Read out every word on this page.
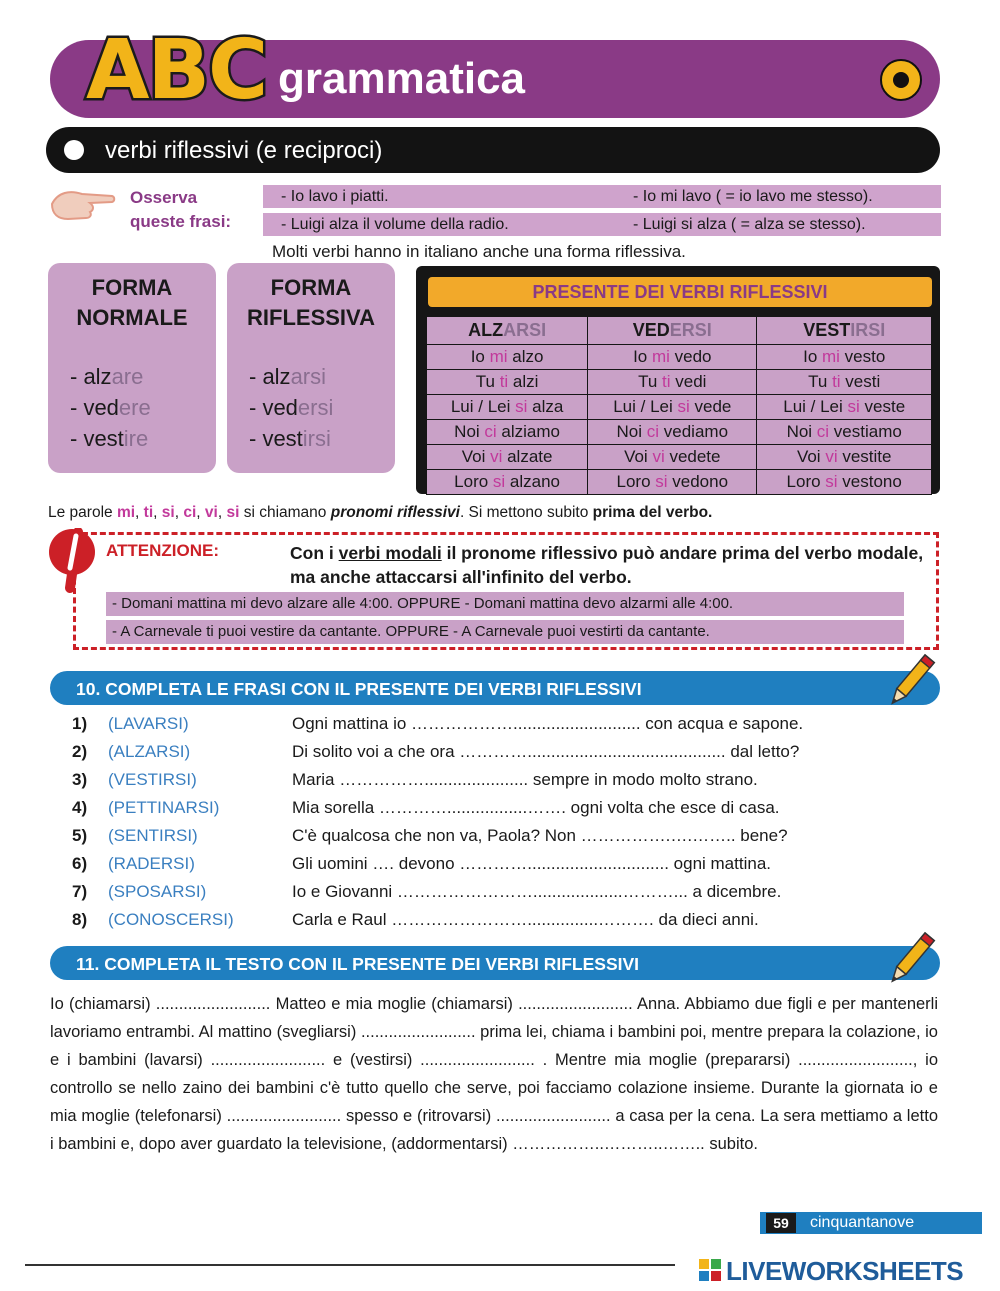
ABC grammatica
verbi riflessivi (e reciproci)
Osserva
queste frasi:
- Io lavo i piatti.	- Io mi lavo ( = io lavo me stesso).
- Luigi alza il volume della radio.	- Luigi si alza ( = alza se stesso).
Molti verbi hanno in italiano anche una forma riflessiva.
FORMA
NORMALE
- alzare
- vedere
- vestire
FORMA
RIFLESSIVA
- alzarsi
- vedersi
- vestirsi
PRESENTE DEI VERBI RIFLESSIVI
ALZARSI	VEDERSI	VESTIRSI
Io mi alzo	Io mi vedo	Io mi vesto
Tu ti alzi	Tu ti vedi	Tu ti vesti
Lui / Lei si alza	Lui / Lei si vede	Lui / Lei si veste
Noi ci alziamo	Noi ci vediamo	Noi ci vestiamo
Voi vi alzate	Voi vi vedete	Voi vi vestite
Loro si alzano	Loro si vedono	Loro si vestono
Le parole mi, ti, si, ci, vi, si si chiamano pronomi riflessivi. Si mettono subito prima del verbo.
ATTENZIONE:	Con i verbi modali il pronome riflessivo può andare prima del verbo modale, ma anche attaccarsi all'infinito del verbo.
- Domani mattina mi devo alzare alle 4:00. OPPURE - Domani mattina devo alzarmi alle 4:00.
- A Carnevale ti puoi vestire da cantante. OPPURE - A Carnevale puoi vestirti da cantante.
10. COMPLETA LE FRASI CON IL PRESENTE DEI VERBI RIFLESSIVI
1) (LAVARSI)	Ogni mattina io ………………........................... con acqua e sapone.
2) (ALZARSI)	Di solito voi a che ora ………….......................................... dal letto?
3) (VESTIRSI)	Maria ……………...................... sempre in modo molto strano.
4) (PETTINARSI)	Mia sorella ………….................……. ogni volta che esce di casa.
5) (SENTIRSI)	C'è qualcosa che non va, Paola? Non …………….….…….. bene?
6) (RADERSI)	Gli uomini …. devono ………….............................. ogni mattina.
7) (SPOSARSI)	Io e Giovanni ……………………...................………... a dicembre.
8) (CONOSCERSI)	Carla e Raul ……………………...............………. da dieci anni.
11. COMPLETA IL TESTO CON IL PRESENTE DEI VERBI RIFLESSIVI
Io (chiamarsi) ......................... Matteo e mia moglie (chiamarsi) ......................... Anna. Abbiamo due figli e per mantenerli lavoriamo entrambi. Al mattino (svegliarsi) ......................... prima lei, chiama i bambini poi, mentre prepara la colazione, io e i bambini (lavarsi) ......................... e (vestirsi) ......................... . Mentre mia moglie (prepararsi) ........................., io controllo se nello zaino dei bambini c'è tutto quello che serve, poi facciamo colazione insieme. Durante la giornata io e mia moglie (telefonarsi) ......................... spesso e (ritrovarsi) ......................... a casa per la cena. La sera mettiamo a letto i bambini e, dopo aver guardato la televisione, (addormentarsi) ……………..………..…….. subito.
59	cinquantanove
LIVEWORKSHEETS
